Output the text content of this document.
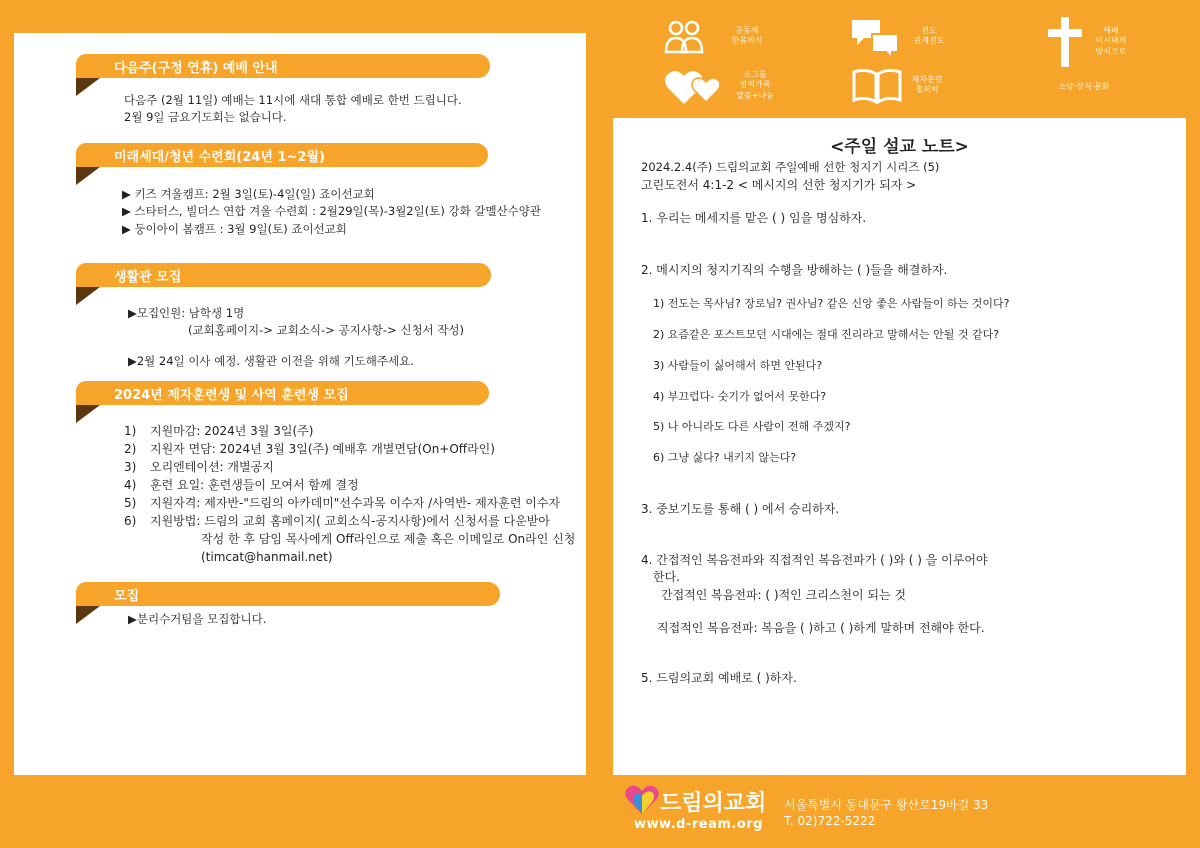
다음주(구정 연휴) 예배 안내
다음주 (2월 11일) 예배는 11시에 새대 통합 예배로 한번 드립니다.
2월 9일 금요기도회는 없습니다.
미래세대/청년 수련회(24년 1~2월)
▶ 키즈 겨울캠프: 2월 3일(토)-4일(일) 죠이선교회
▶ 스타터스, 빌더스 연합 겨울 수련회 : 2월29일(목)-3월2일(토) 강화 갈멜산수양관
▶ 둥이아이 봄캠프 : 3월 9일(토) 죠이선교회
생활관 모집
▶모집인원: 남학생 1명
(교회홈페이지-> 교회소식-> 공지사항-> 신청서 작성)
▶2월 24일 이사 예정. 생활관 이전을 위해 기도해주세요.
2024년 제자훈련생 및 사역 훈련생 모집
1)	지원마감: 2024년 3월 3일(주)
2)	지원자 면담: 2024년 3월 3일(주) 예배후 개별면담(On+Off라인)
3)	오리엔테이션: 개별공지
4)	훈련 요일: 훈련생들이 모여서 함께 결정
5)	지원자격: 제자반-"드림의 아카데미"선수과목 이수자 /사역반- 제자훈련 이수자
6)	지원방법: 드림의 교회 홈페이지( 교회소식-공지사항)에서 신청서를 다운받아
작성 한 후 담임 목사에게 Off라인으로 제출 혹은 이메일로 On라인 신청
(timcat@hanmail.net)
모집
▶분리수거팀을 모집합니다.
공동체
한몸의식
전도
관계전도
예배
이시대의
방식으로
소그룹
영적가족
말씀+나눔
제자훈련
철저히	소양·상식·문화
<주일 설교 노트>
2024.2.4(주) 드림의교회 주일예배 선한 청지기 시리즈 (5)
고린도전서 4:1-2 < 메시지의 선한 청지기가 되자 >
1. 우리는 메세지를 맡은 ( ) 임을 명심하자.
2. 메시지의 청지기직의 수행을 방해하는 ( )들을 해결하자.
1) 전도는 목사님? 장로님? 권사님? 같은 신앙 좋은 사람들이 하는 것이다?
2) 요즘같은 포스트모던 시대에는 절대 진리라고 말해서는 안될 것 같다?
3) 사람들이 싫어해서 하면 안된다?
4) 부끄럽다- 숫기가 없어서 못한다?
5) 나 아니라도 다른 사람이 전해 주겠지?
6) 그냥 싫다? 내키지 않는다?
3. 중보기도를 통해 ( ) 에서 승리하자.
4. 간접적인 복음전파와 직접적인 복음전파가 ( )와 ( ) 을 이루어야
한다.
간접적인 복음전파: ( )적인 크리스천이 되는 것
직접적인 복음전파: 복음을 ( )하고 ( )하게 말하며 전해야 한다.
5. 드림의교회 예배로 ( )하자.
드림의교회
www.d-ream.org
서울특별시 동대문구 왕산로19바길 33
T. 02)722-5222
